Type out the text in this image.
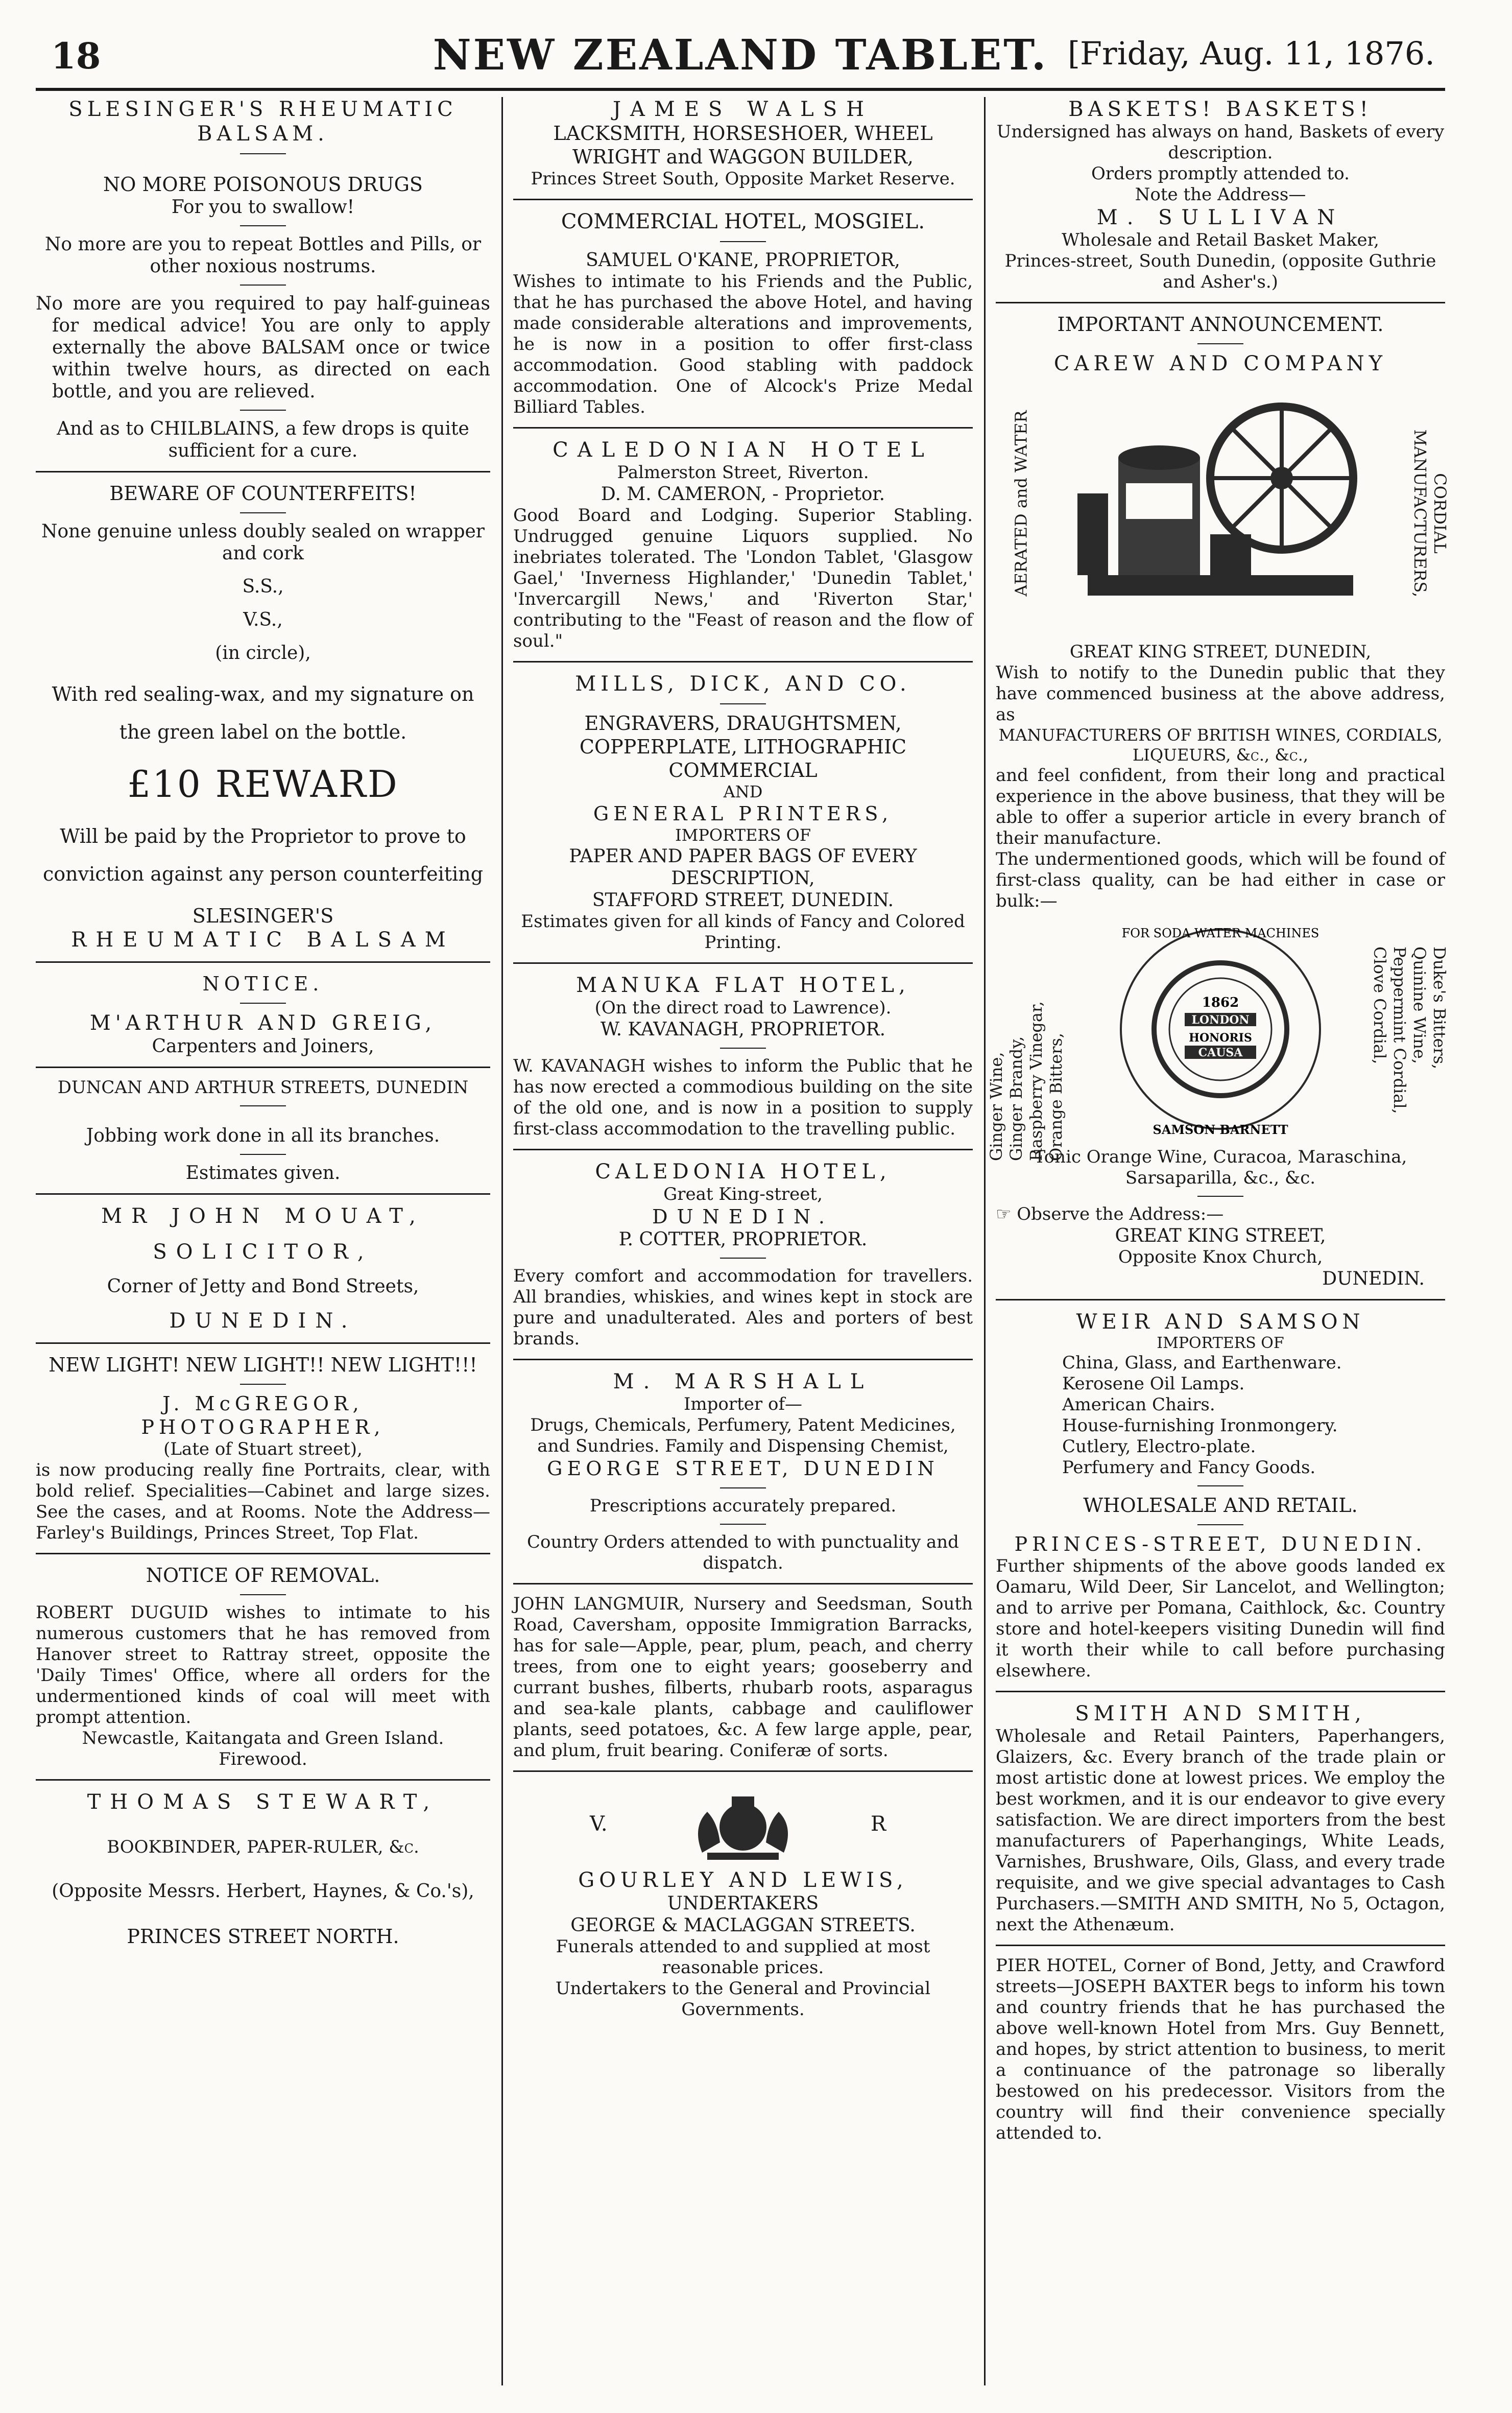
18	NEW ZEALAND TABLET. [Friday, Aug. 11, 1876.

SLESINGER'S RHEUMATIC BALSAM.

NO MORE POISONOUS DRUGS

For you to swallow!

No more are you to repeat Bottles and Pills, or other noxious nostrums.

No more are you required to pay half-guineas for medical advice! You are only to apply externally the above BALSAM once or twice within twelve hours, as directed on each bottle, and you are relieved.

And as to CHILBLAINS, a few drops is quite sufficient for a cure.

BEWARE OF COUNTERFEITS!

None genuine unless doubly sealed on wrapper and cork

S.S.,

V.S.,

(in circle),

With red sealing-wax, and my signature on the green label on the bottle.

£10 REWARD

Will be paid by the Proprietor to prove to conviction against any person counterfeiting

SLESINGER'S

RHEUMATIC BALSAM

NOTICE.

M'ARTHUR AND GREIG,

Carpenters and Joiners,

DUNCAN AND ARTHUR STREETS, DUNEDIN

Jobbing work done in all its branches.

Estimates given.

MR JOHN MOUAT,

SOLICITOR,

Corner of Jetty and Bond Streets,

DUNEDIN.

NEW LIGHT! NEW LIGHT!! NEW LIGHT!!!

J. McGREGOR, PHOTOGRAPHER,

(Late of Stuart street),

is now producing really fine Portraits, clear, with bold relief. Specialities—Cabinet and large sizes. See the cases, and at Rooms. Note the Address—Farley's Buildings, Princes Street, Top Flat.

NOTICE OF REMOVAL.

ROBERT DUGUID wishes to intimate to his numerous customers that he has removed from Hanover street to Rattray street, opposite the 'Daily Times' Office, where all orders for the undermentioned kinds of coal will meet with prompt attention.

Newcastle, Kaitangata and Green Island.

Firewood.

THOMAS STEWART,

BOOKBINDER, PAPER-RULER, &c.

(Opposite Messrs. Herbert, Haynes, & Co.'s),

PRINCES STREET NORTH.

JAMES WALSH

LACKSMITH, HORSESHOER, WHEEL WRIGHT and WAGGON BUILDER,

Princes Street South, Opposite Market Reserve.

COMMERCIAL HOTEL, MOSGIEL.

SAMUEL O'KANE, PROPRIETOR,

Wishes to intimate to his Friends and the Public, that he has purchased the above Hotel, and having made considerable alterations and improvements, he is now in a position to offer first-class accommodation. Good stabling with paddock accommodation. One of Alcock's Prize Medal Billiard Tables.

CALEDONIAN HOTEL

Palmerston Street, Riverton.

D. M. CAMERON, - Proprietor.

Good Board and Lodging. Superior Stabling. Undrugged genuine Liquors supplied. No inebriates tolerated. The 'London Tablet, 'Glasgow Gael,' 'Inverness Highlander,' 'Dunedin Tablet,' 'Invercargill News,' and 'Riverton Star,' contributing to the "Feast of reason and the flow of soul."

MILLS, DICK, AND CO.

ENGRAVERS, DRAUGHTSMEN,

COPPERPLATE, LITHOGRAPHIC COMMERCIAL

AND

GENERAL PRINTERS,

IMPORTERS OF

PAPER AND PAPER BAGS OF EVERY DESCRIPTION,

STAFFORD STREET, DUNEDIN.

Estimates given for all kinds of Fancy and Colored Printing.

MANUKA FLAT HOTEL,

(On the direct road to Lawrence).

W. KAVANAGH, PROPRIETOR.

W. KAVANAGH wishes to inform the Public that he has now erected a commodious building on the site of the old one, and is now in a position to supply first-class accommodation to the travelling public.

CALEDONIA HOTEL,

Great King-street,

DUNEDIN.

P. COTTER, PROPRIETOR.

Every comfort and accommodation for travellers. All brandies, whiskies, and wines kept in stock are pure and unadulterated. Ales and porters of best brands.

M. MARSHALL

Importer of—

Drugs, Chemicals, Perfumery, Patent Medicines, and Sundries. Family and Dispensing Chemist,

GEORGE STREET, DUNEDIN

Prescriptions accurately prepared.

Country Orders attended to with punctuality and dispatch.

JOHN LANGMUIR, Nursery and Seedsman, South Road, Caversham, opposite Immigration Barracks, has for sale—Apple, pear, plum, peach, and cherry trees, from one to eight years; gooseberry and currant bushes, filberts, rhubarb roots, asparagus and sea-kale plants, cabbage and cauliflower plants, seed potatoes, &c. A few large apple, pear, and plum, fruit bearing. Coniferæ of sorts.

V.	R

GOURLEY AND LEWIS,

UNDERTAKERS

GEORGE & MACLAGGAN STREETS.

Funerals attended to and supplied at most reasonable prices.

Undertakers to the General and Provincial Governments.

BASKETS! BASKETS!

Undersigned has always on hand, Baskets of every description.

Orders promptly attended to.

Note the Address—

M. SULLIVAN

Wholesale and Retail Basket Maker,

Princes-street, South Dunedin, (opposite Guthrie and Asher's.)

IMPORTANT ANNOUNCEMENT.

CAREW AND COMPANY

AERATED and WATER	CORDIAL MANUFACTURERS,

GREAT KING STREET, DUNEDIN,

Wish to notify to the Dunedin public that they have commenced business at the above address, as

MANUFACTURERS OF BRITISH WINES, CORDIALS, LIQUEURS, &c., &c.,

and feel confident, from their long and practical experience in the above business, that they will be able to offer a superior article in every branch of their manufacture.

The undermentioned goods, which will be found of first-class quality, can be had either in case or bulk:—

Ginger Wine, Ginger Brandy, Raspberry Vinegar, Orange Bitters,

FOR SODA WATER MACHINES
1862
LONDON
HONORIS
CAUSA
SAMSON BARNETT

Duke's Bitters,

Quinine Wine,

Peppermint Cordial,

Clove Cordial,

Tonic Orange Wine, Curacoa, Maraschina, Sarsaparilla, &c., &c.

☞ Observe the Address:—

GREAT KING STREET,

Opposite Knox Church,

DUNEDIN.

WEIR AND SAMSON

IMPORTERS OF

China, Glass, and Earthenware.

Kerosene Oil Lamps.

American Chairs.

House-furnishing Ironmongery.

Cutlery, Electro-plate.

Perfumery and Fancy Goods.

WHOLESALE AND RETAIL.

PRINCES-STREET, DUNEDIN.

Further shipments of the above goods landed ex Oamaru, Wild Deer, Sir Lancelot, and Wellington; and to arrive per Pomana, Caithlock, &c. Country store and hotel-keepers visiting Dunedin will find it worth their while to call before purchasing elsewhere.

SMITH AND SMITH,

Wholesale and Retail Painters, Paperhangers, Glaizers, &c. Every branch of the trade plain or most artistic done at lowest prices. We employ the best workmen, and it is our endeavor to give every satisfaction. We are direct importers from the best manufacturers of Paperhangings, White Leads, Varnishes, Brushware, Oils, Glass, and every trade requisite, and we give special advantages to Cash Purchasers.—SMITH AND SMITH, No 5, Octagon, next the Athenæum.

PIER HOTEL, Corner of Bond, Jetty, and Crawford streets—JOSEPH BAXTER begs to inform his town and country friends that he has purchased the above well-known Hotel from Mrs. Guy Bennett, and hopes, by strict attention to business, to merit a continuance of the patronage so liberally bestowed on his predecessor. Visitors from the country will find their convenience specially attended to.
